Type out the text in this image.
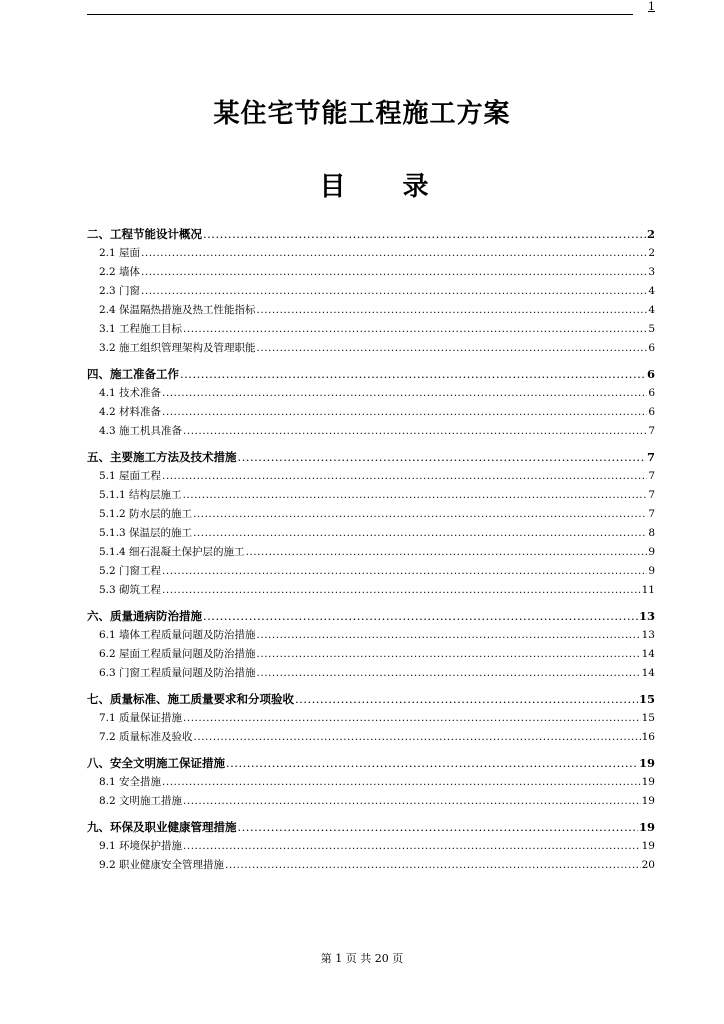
1
某住宅节能工程施工方案
目 录
二、工程节能设计概况 .....	2
2.1 屋面 .....	2
2.2 墙体 .....	3
2.3 门窗 .....	4
2.4 保温隔热措施及热工性能指标 .....	4
3.1 工程施工目标 .....	5
3.2 施工组织管理架构及管理职能 .....	6
四、施工准备工作 .....	6
4.1 技术准备 .....	6
4.2 材料准备 .....	6
4.3 施工机具准备 .....	7
五、主要施工方法及技术措施 .....	7
5.1 屋面工程 .....	7
5.1.1 结构层施工 .....	7
5.1.2 防水层的施工 .....	7
5.1.3 保温层的施工 .....	8
5.1.4 细石混凝土保护层的施工 .....	9
5.2 门窗工程 .....	9
5.3 砌筑工程 .....	11
六、质量通病防治措施 .....	13
6.1 墙体工程质量问题及防治措施 .....	13
6.2 屋面工程质量问题及防治措施 .....	14
6.3 门窗工程质量问题及防治措施 .....	14
七、质量标准、施工质量要求和分项验收 .....	15
7.1 质量保证措施 .....	15
7.2 质量标准及验收 .....	16
八、安全文明施工保证措施 .....	19
8.1 安全措施 .....	19
8.2 文明施工措施 .....	19
九、环保及职业健康管理措施 .....	19
9.1 环境保护措施 .....	19
9.2 职业健康安全管理措施 .....	20
第 1 页 共 20 页
